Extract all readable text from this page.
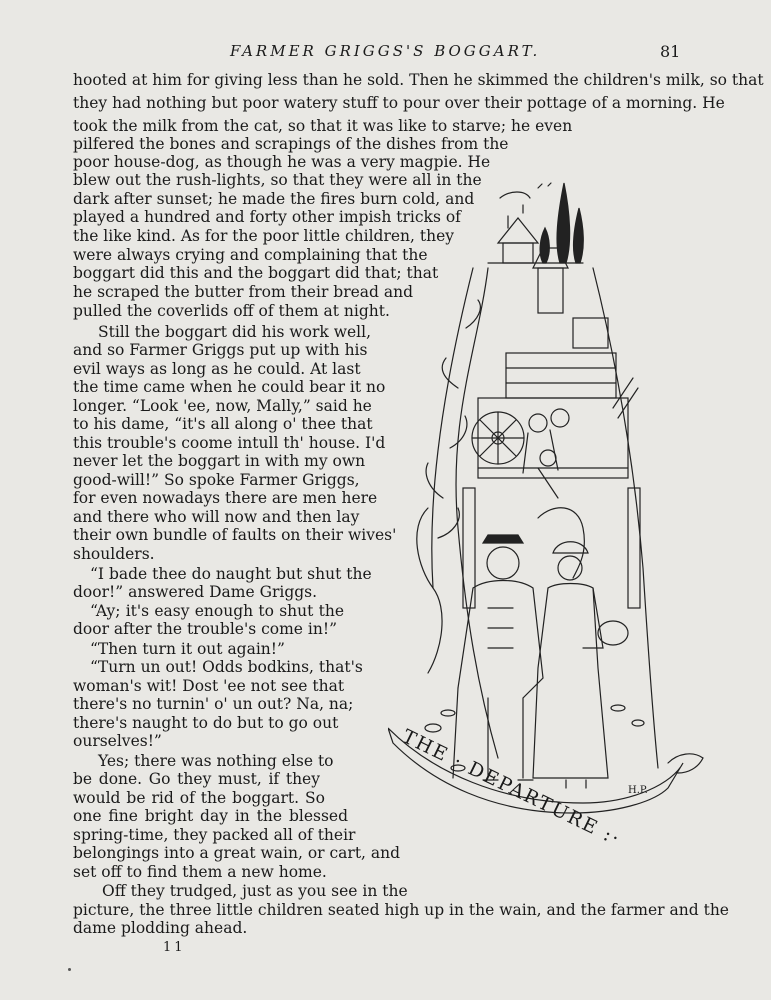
FARMER GRIGGS'S BOGGART.	81
hooted at him for giving less than he sold. Then he skimmed the children's milk, so that
they had nothing but poor watery stuff to pour over their pottage of a morning. He
took the milk from the cat, so that it was like to starve; he even
pilfered the bones and scrapings of the dishes from the
poor house-dog, as though he was a very magpie. He
blew out the rush-lights, so that they were all in the
dark after sunset; he made the fires burn cold, and
played a hundred and forty other impish tricks of
the like kind. As for the poor little children, they
were always crying and complaining that the
boggart did this and the boggart did that; that
he scraped the butter from their bread and
pulled the coverlids off of them at night.
Still the boggart did his work well,
and so Farmer Griggs put up with his
evil ways as long as he could. At last
the time came when he could bear it no
longer. “Look 'ee, now, Mally,” said he
to his dame, “it's all along o' thee that
this trouble's coome intull th' house. I'd
never let the boggart in with my own
good-will!” So spoke Farmer Griggs,
for even nowadays there are men here
and there who will now and then lay
their own bundle of faults on their wives'
shoulders.
“I bade thee do naught but shut the
door!” answered Dame Griggs.
“Ay; it's easy enough to shut the
door after the trouble's come in!”
“Then turn it out again!”
“Turn un out! Odds bodkins, that's
woman's wit! Dost 'ee not see that
there's no turnin' o' un out? Na, na;
there's naught to do but to go out
ourselves!”
Yes; there was nothing else to
be done. Go they must, if they
would be rid of the boggart. So
one fine bright day in the blessed
spring-time, they packed all of their
belongings into a great wain, or cart, and
set off to find them a new home.
Off they trudged, just as you see in the
picture, the three little children seated high up in the wain, and the farmer and the
dame plodding ahead.
11
THE · DEPARTURE :· H.P.
